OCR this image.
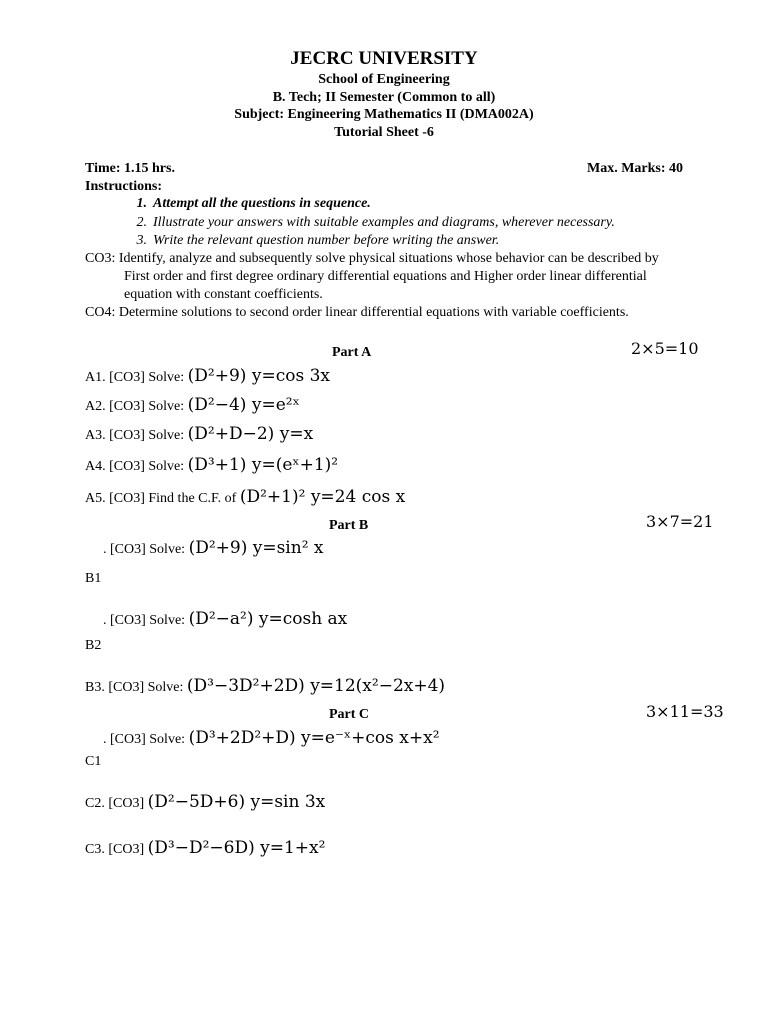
JECRC UNIVERSITY
School of Engineering
B. Tech; II Semester (Common to all)
Subject: Engineering Mathematics II (DMA002A)
Tutorial Sheet -6
Time: 1.15 hrs.	Max. Marks: 40
Instructions:
1. Attempt all the questions in sequence.
2. Illustrate your answers with suitable examples and diagrams, wherever necessary.
3. Write the relevant question number before writing the answer.
CO3: Identify, analyze and subsequently solve physical situations whose behavior can be described by
First order and first degree ordinary differential equations and Higher order linear differential
equation with constant coefficients.
CO4: Determine solutions to second order linear differential equations with variable coefficients.
Part A	2×5=10
A1. [CO3] Solve: (D²+9) y=cos 3x
A2. [CO3] Solve: (D²−4) y=e²ˣ
A3. [CO3] Solve: (D²+D−2) y=x
A4. [CO3] Solve: (D³+1) y=(eˣ+1)²
A5. [CO3] Find the C.F. of (D²+1)² y=24 cos x
Part B	3×7=21
. [CO3] Solve: (D²+9) y=sin² x
B1
. [CO3] Solve: (D²−a²) y=cosh ax
B2
B3. [CO3] Solve: (D³−3D²+2D) y=12(x²−2x+4)
Part C	3×11=33
. [CO3] Solve: (D³+2D²+D) y=e⁻ˣ+cos x+x²
C1
C2. [CO3] (D²−5D+6) y=sin 3x
C3. [CO3] (D³−D²−6D) y=1+x²
